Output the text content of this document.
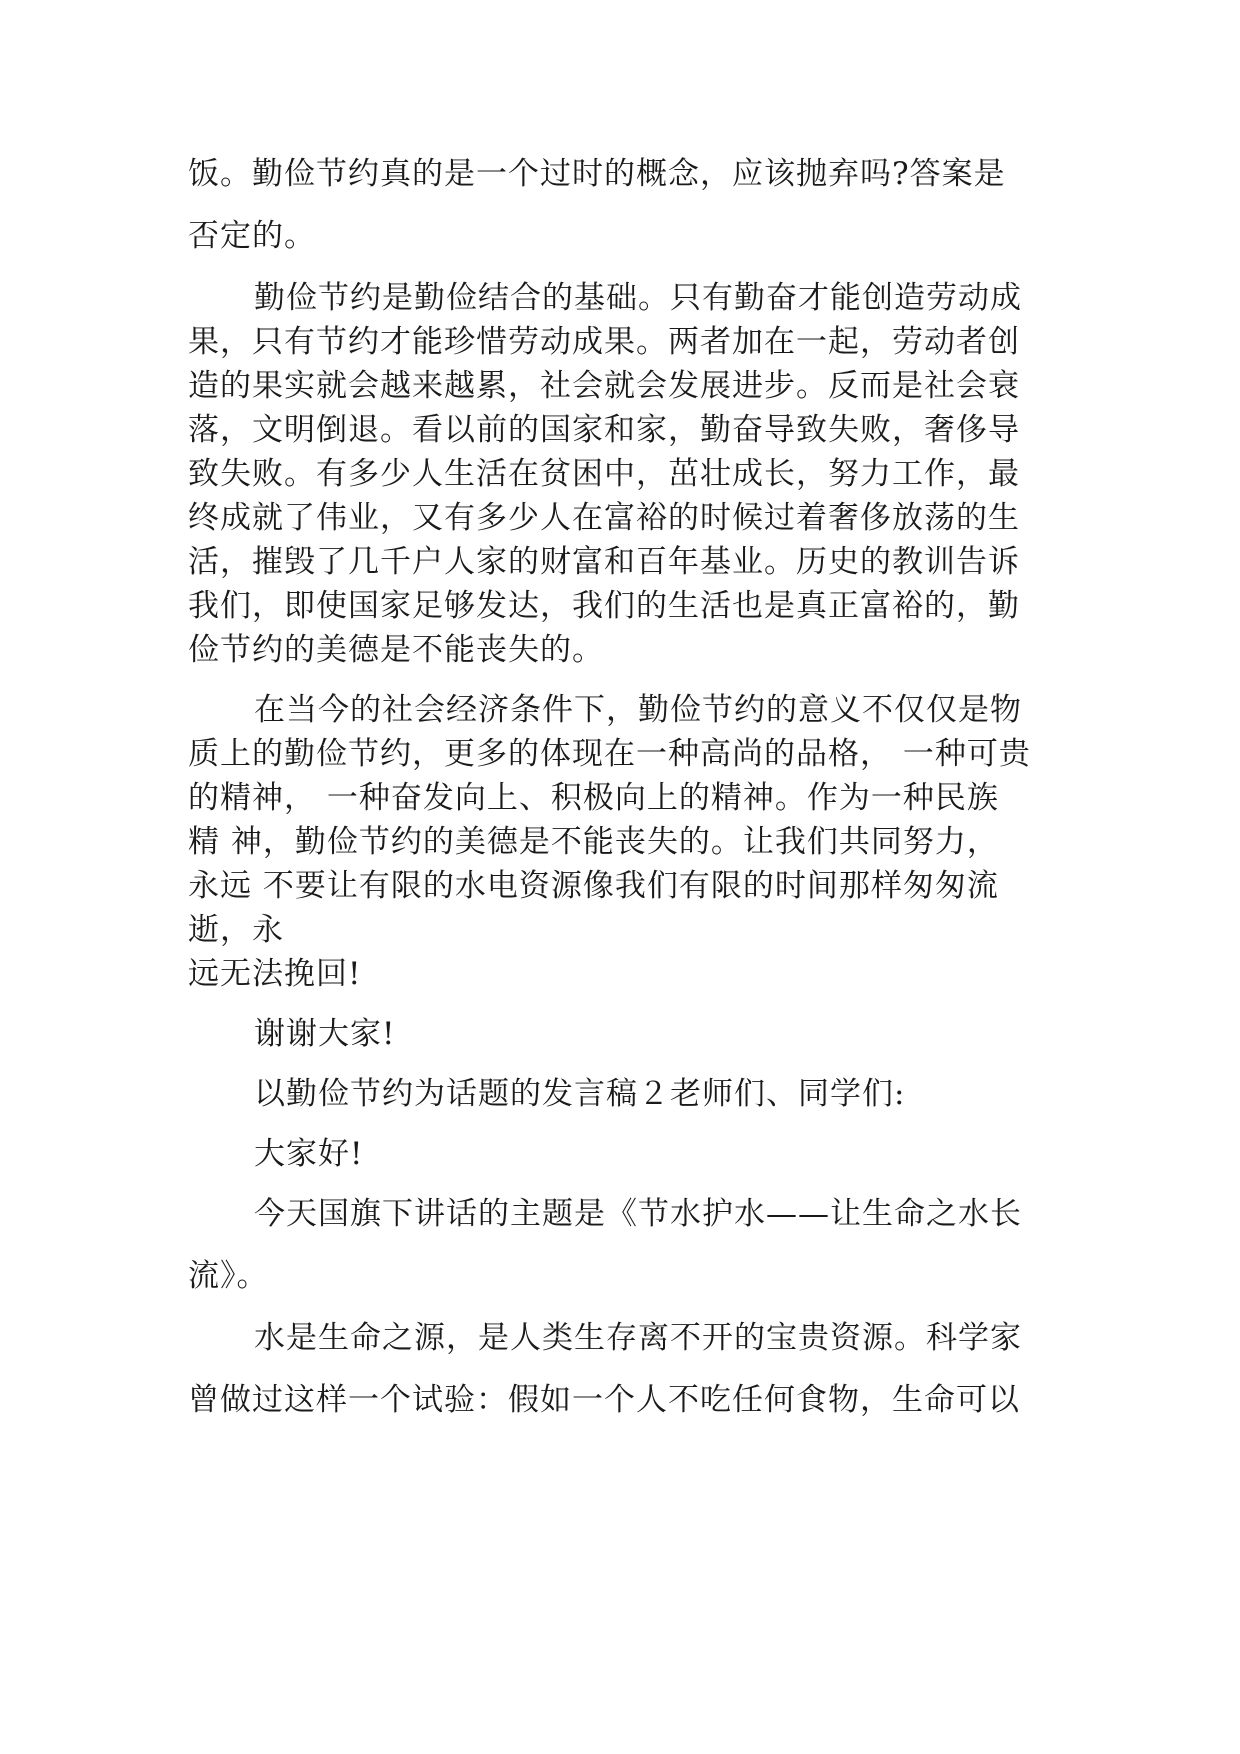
饭。勤俭节约真的是一个过时的概念，应该抛弃吗?答案是
否定的。
勤俭节约是勤俭结合的基础。只有勤奋才能创造劳动成
果，只有节约才能珍惜劳动成果。两者加在一起，劳动者创
造的果实就会越来越累，社会就会发展进步。反而是社会衰
落，文明倒退。看以前的国家和家，勤奋导致失败，奢侈导
致失败。有多少人生活在贫困中，茁壮成长，努力工作，最
终成就了伟业，又有多少人在富裕的时候过着奢侈放荡的生
活，摧毁了几千户人家的财富和百年基业。历史的教训告诉
我们，即使国家足够发达，我们的生活也是真正富裕的，勤
俭节约的美德是不能丧失的。
在当今的社会经济条件下，勤俭节约的意义不仅仅是物
质上的勤俭节约，更多的体现在一种高尚的品格， 一种可贵
的精神， 一种奋发向上、积极向上的精神。作为一种民族
精 神，勤俭节约的美德是不能丧失的。让我们共同努力，
永远 不要让有限的水电资源像我们有限的时间那样匆匆流
逝，永
远无法挽回!
谢谢大家!
以勤俭节约为话题的发言稿２老师们、同学们:
大家好!
今天国旗下讲话的主题是《节水护水——让生命之水长
流》。
水是生命之源，是人类生存离不开的宝贵资源。科学家
曾做过这样一个试验：假如一个人不吃任何食物，生命可以
